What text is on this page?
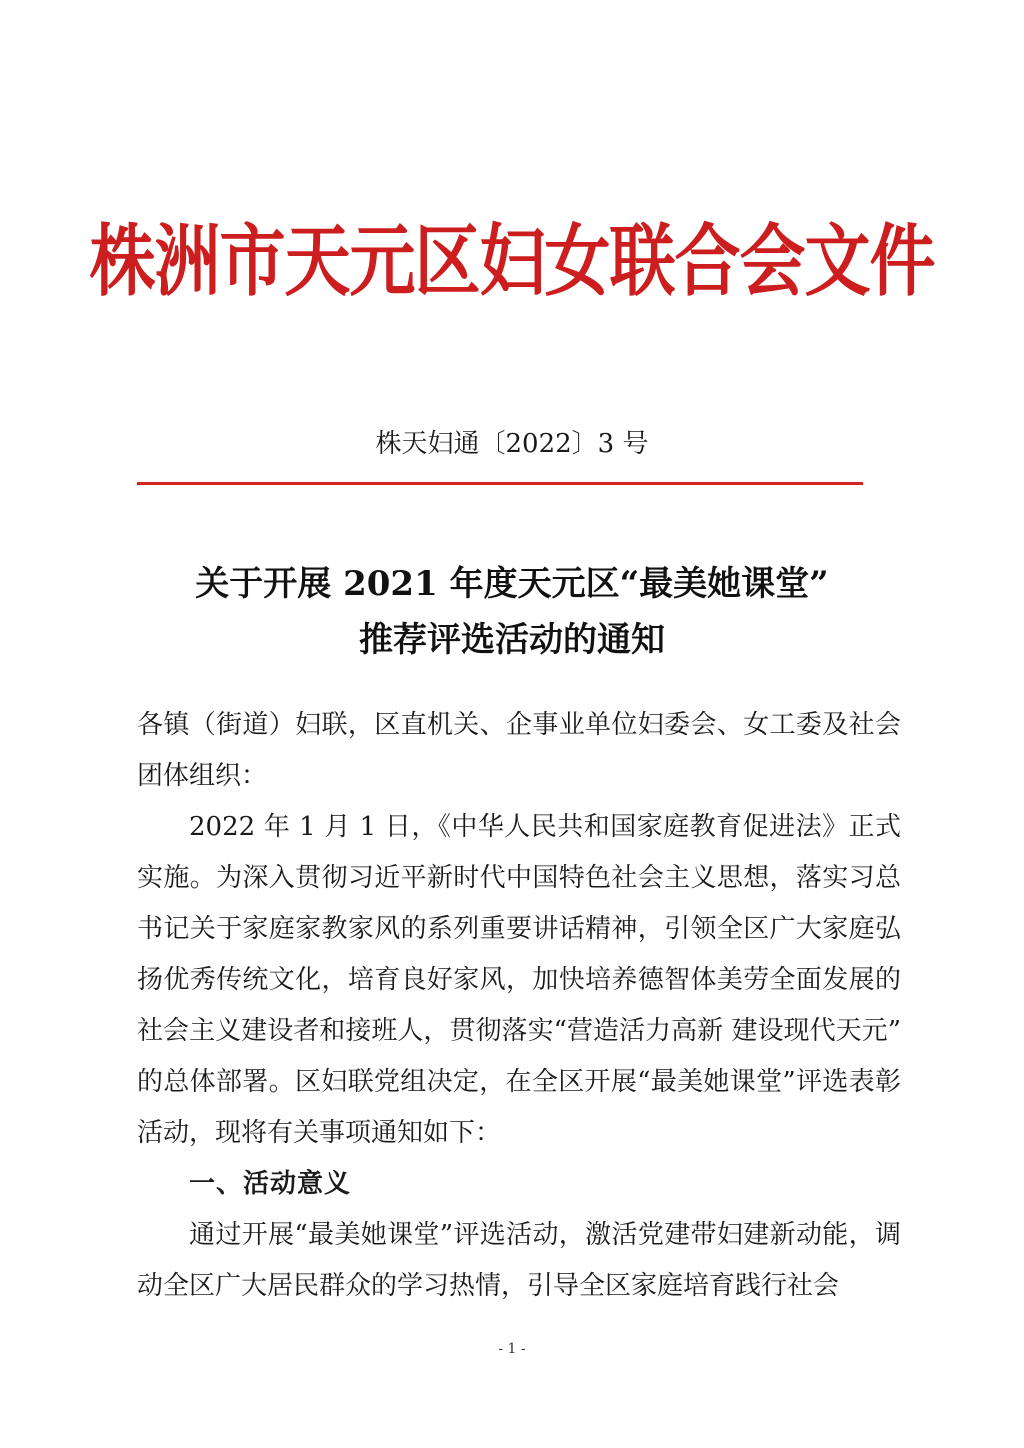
株洲市天元区妇女联合会文件
株天妇通〔2022〕3 号
关于开展 2021 年度天元区“最美她课堂”
推荐评选活动的通知

各镇（街道）妇联，区直机关、企事业单位妇委会、女工委及社会团体组织：

2022 年 1 月 1 日，《中华人民共和国家庭教育促进法》正式实施。为深入贯彻习近平新时代中国特色社会主义思想，落实习总书记关于家庭家教家风的系列重要讲话精神，引领全区广大家庭弘扬优秀传统文化，培育良好家风，加快培养德智体美劳全面发展的社会主义建设者和接班人，贯彻落实“营造活力高新 建设现代天元” 的总体部署。区妇联党组决定，在全区开展“最美她课堂”评选表彰活动，现将有关事项通知如下：

一、活动意义

通过开展“最美她课堂”评选活动，激活党建带妇建新动能，调动全区广大居民群众的学习热情，引导全区家庭培育践行社会

- 1 -
